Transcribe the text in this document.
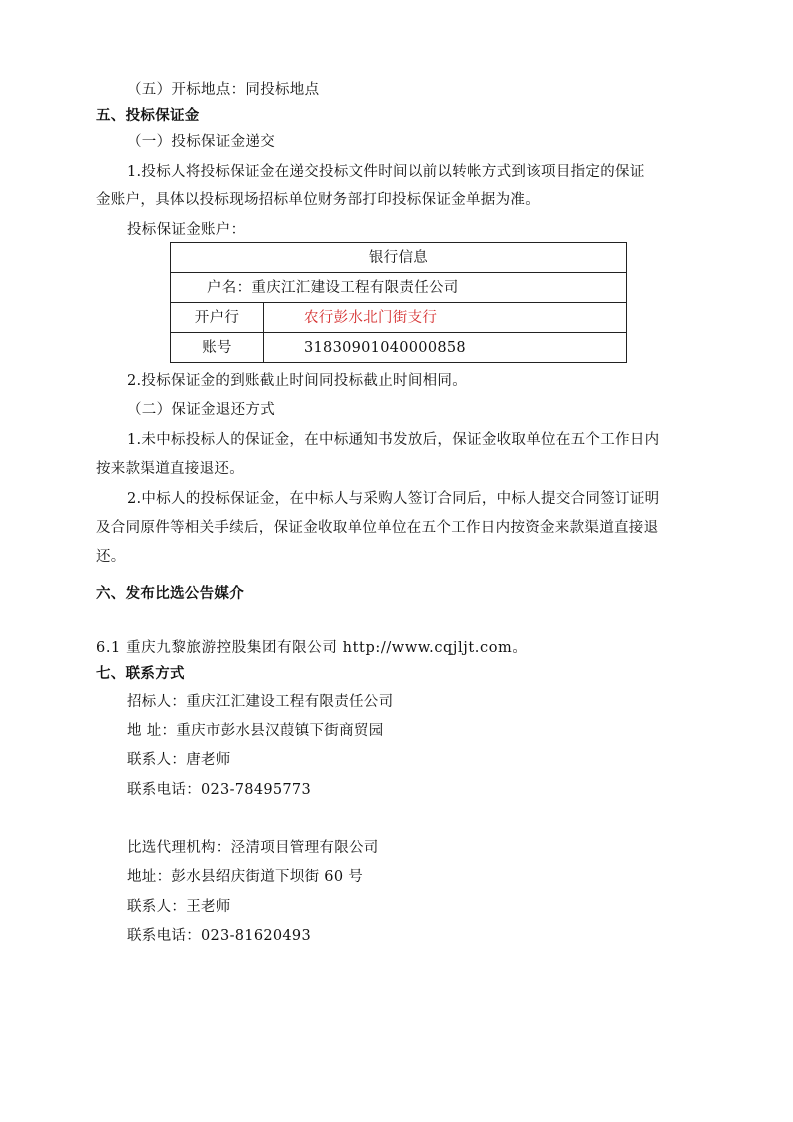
（五）开标地点：同投标地点
五、投标保证金
（一）投标保证金递交
1.投标人将投标保证金在递交投标文件时间以前以转帐方式到该项目指定的保证
金账户，具体以投标现场招标单位财务部打印投标保证金单据为准。
投标保证金账户：
银行信息	
户名：重庆江汇建设工程有限责任公司	
开户行	农行彭水北门街支行
账号	31830901040000858
2.投标保证金的到账截止时间同投标截止时间相同。
（二）保证金退还方式
1.未中标投标人的保证金，在中标通知书发放后，保证金收取单位在五个工作日内
按来款渠道直接退还。
2.中标人的投标保证金，在中标人与采购人签订合同后，中标人提交合同签订证明
及合同原件等相关手续后，保证金收取单位单位在五个工作日内按资金来款渠道直接退
还。
六、发布比选公告媒介
6.1 重庆九黎旅游控股集团有限公司 http://www.cqjljt.com。
七、联系方式
招标人：重庆江汇建设工程有限责任公司
地 址：重庆市彭水县汉葭镇下街商贸园
联系人：唐老师
联系电话：023-78495773
比选代理机构：泾清项目管理有限公司
地址：彭水县绍庆街道下坝街 60 号
联系人：王老师
联系电话：023-81620493
